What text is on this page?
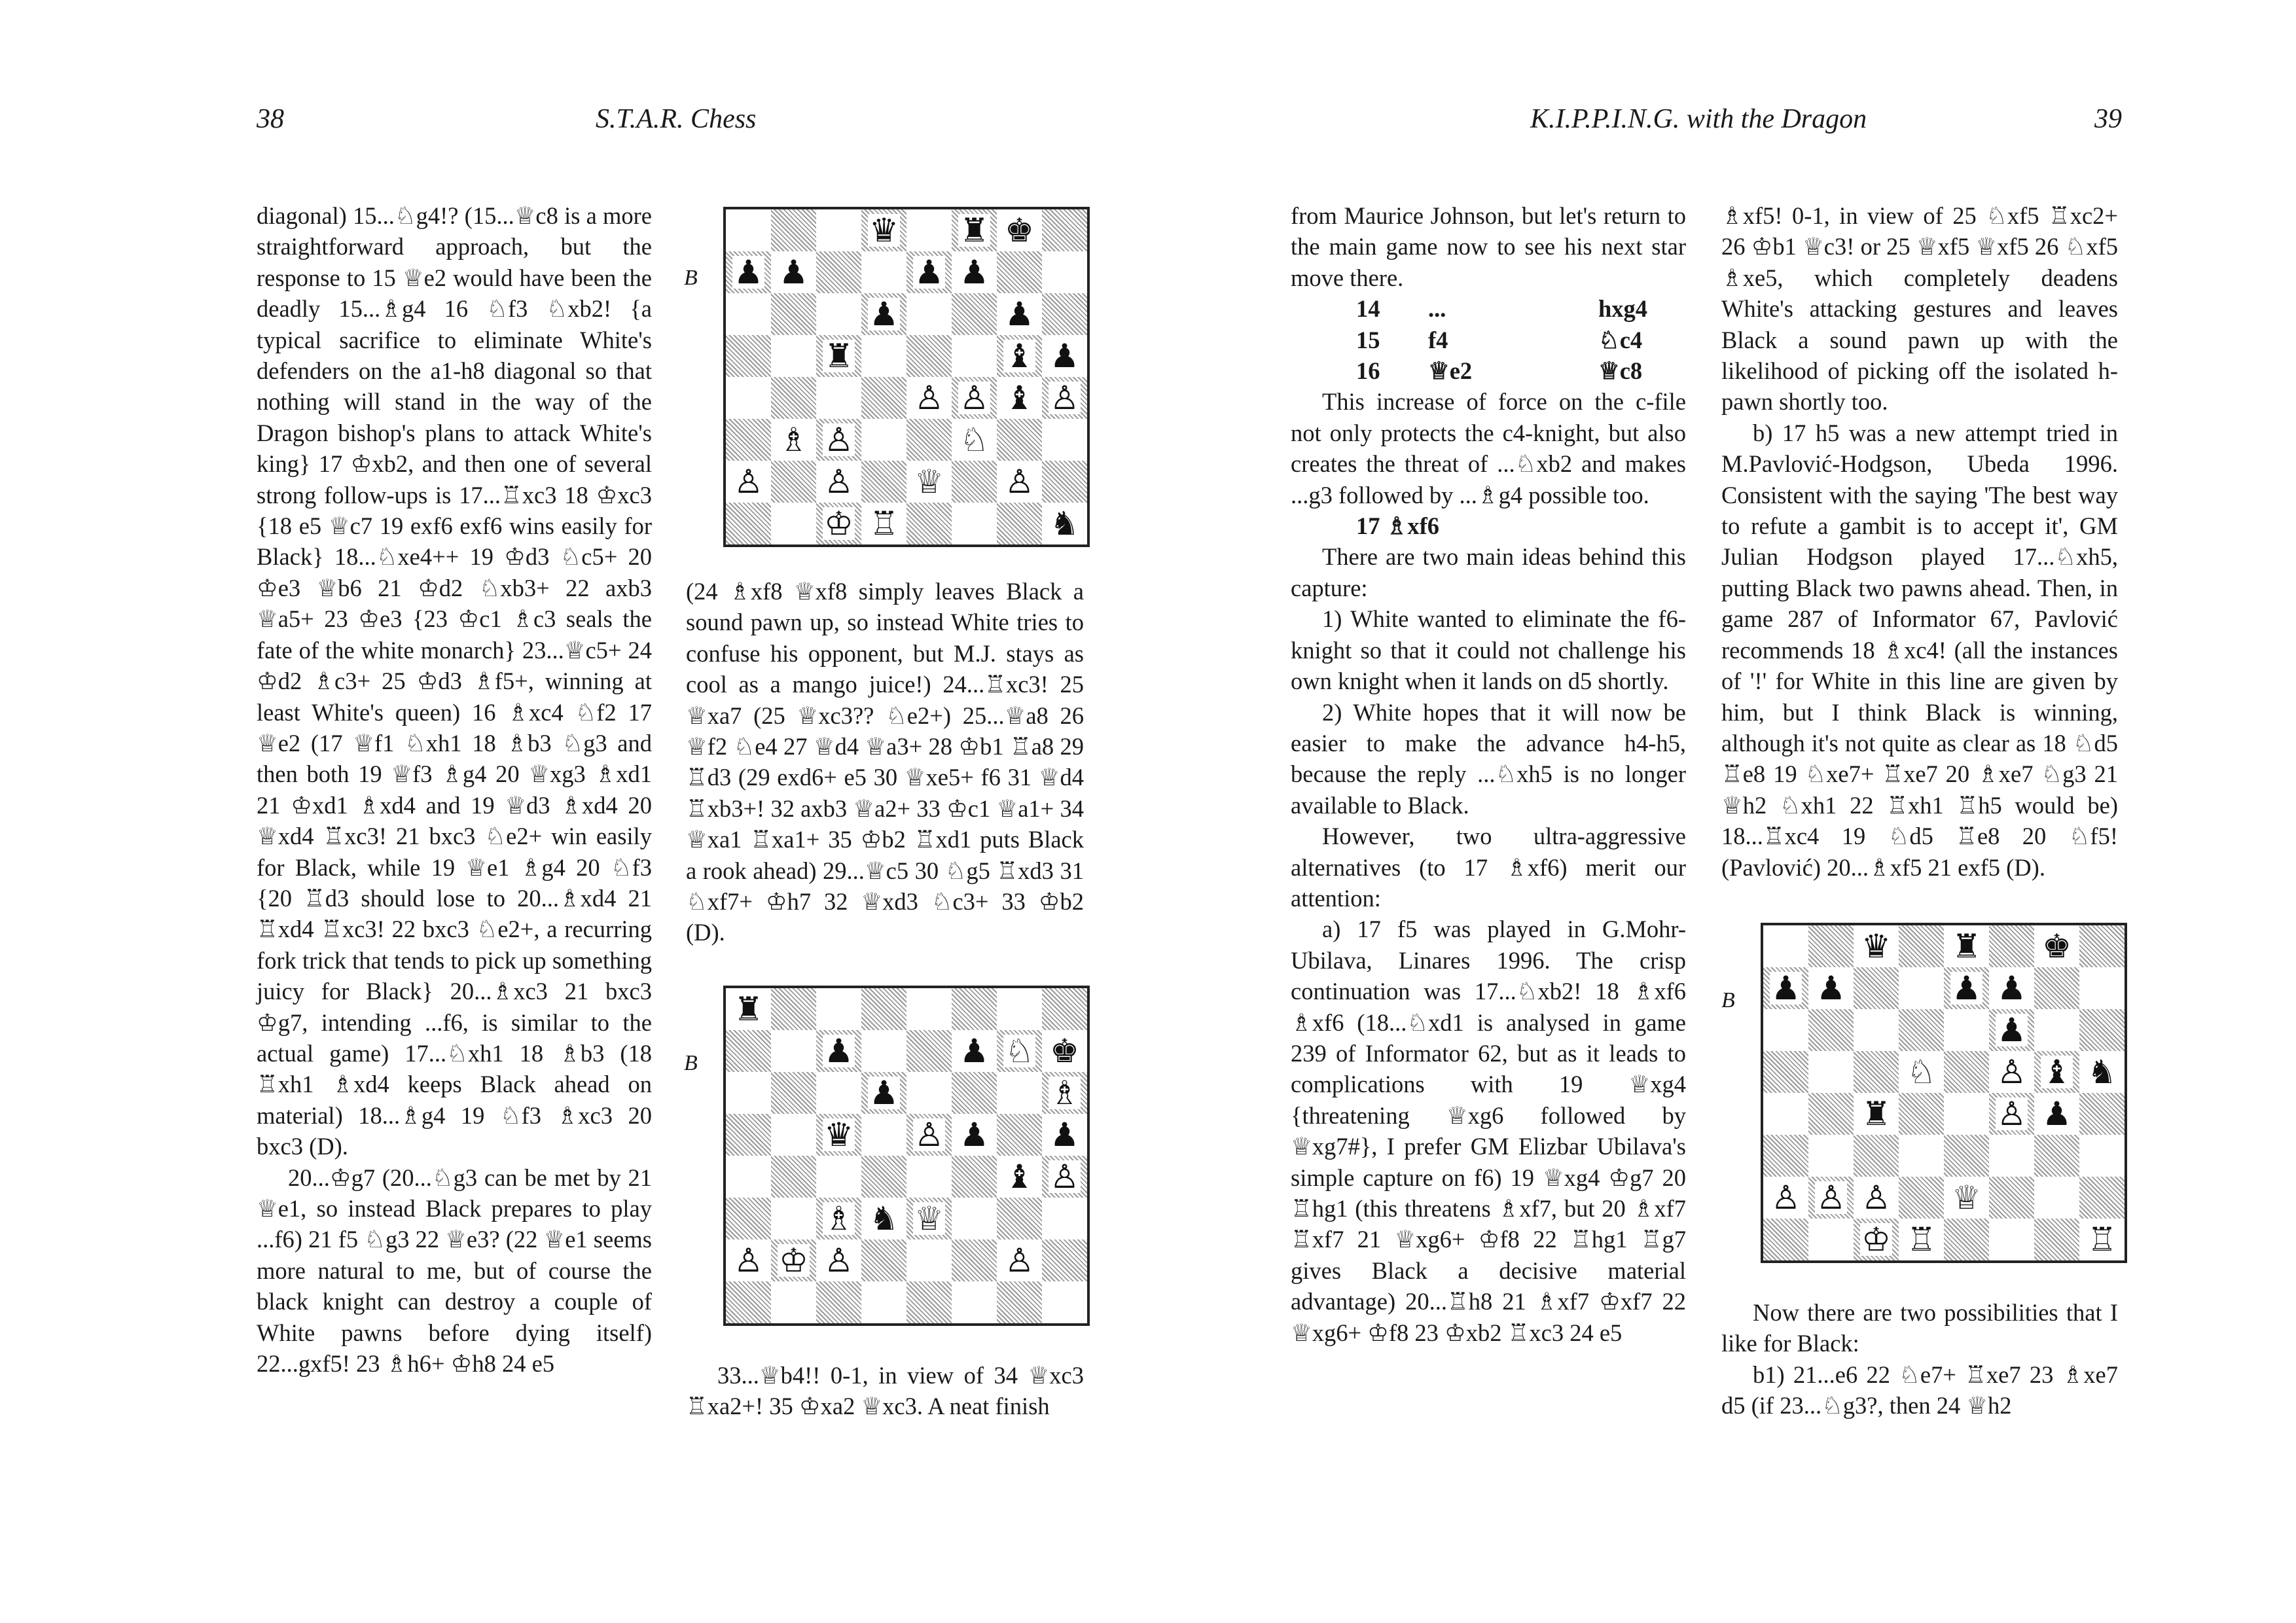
38	S.T.A.R. Chess	K.I.P.P.I.N.G. with the Dragon	39

diagonal) 15...♘g4!? (15...♕c8 is a more straightforward approach, but the response to 15 ♕e2 would have been the deadly 15...♗g4 16 ♘f3 ♘xb2! {a typical sacrifice to eliminate White's defenders on the a1-h8 diagonal so that nothing will stand in the way of the Dragon bishop's plans to attack White's king} 17 ♔xb2, and then one of several strong follow-ups is 17...♖xc3 18 ♔xc3 {18 e5 ♕c7 19 exf6 exf6 wins easily for Black} 18...♘xe4++ 19 ♔d3 ♘c5+ 20 ♔e3 ♕b6 21 ♔d2 ♘xb3+ 22 axb3 ♕a5+ 23 ♔e3 {23 ♔c1 ♗c3 seals the fate of the white monarch} 23...♕c5+ 24 ♔d2 ♗c3+ 25 ♔d3 ♗f5+, winning at least White's queen) 16 ♗xc4 ♘f2 17 ♕e2 (17 ♕f1 ♘xh1 18 ♗b3 ♘g3 and then both 19 ♕f3 ♗g4 20 ♕xg3 ♗xd1 21 ♔xd1 ♗xd4 and 19 ♕d3 ♗xd4 20 ♕xd4 ♖xc3! 21 bxc3 ♘e2+ win easily for Black, while 19 ♕e1 ♗g4 20 ♘f3 {20 ♖d3 should lose to 20...♗xd4 21 ♖xd4 ♖xc3! 22 bxc3 ♘e2+, a recurring fork trick that tends to pick up something juicy for Black} 20...♗xc3 21 bxc3 ♔g7, intending ...f6, is similar to the actual game) 17...♘xh1 18 ♗b3 (18 ♖xh1 ♗xd4 keeps Black ahead on material) 18...♗g4 19 ♘f3 ♗xc3 20 bxc3 (D).

20...♔g7 (20...♘g3 can be met by 21 ♕e1, so instead Black prepares to play ...f6) 21 f5 ♘g3 22 ♕e3? (22 ♕e1 seems more natural to me, but of course the black knight can destroy a couple of White pawns before dying itself) 22...gxf5! 23 ♗h6+ ♔h8 24 e5

(24 ♗xf8 ♕xf8 simply leaves Black a sound pawn up, so instead White tries to confuse his opponent, but M.J. stays as cool as a mango juice!) 24...♖xc3! 25 ♕xa7 (25 ♕xc3?? ♘e2+) 25...♕a8 26 ♕f2 ♘e4 27 ♕d4 ♕a3+ 28 ♔b1 ♖a8 29 ♖d3 (29 exd6+ e5 30 ♕xe5+ f6 31 ♕d4 ♖xb3+! 32 axb3 ♕a2+ 33 ♔c1 ♕a1+ 34 ♕xa1 ♖xa1+ 35 ♔b2 ♖xd1 puts Black a rook ahead) 29...♕c5 30 ♘g5 ♖xd3 31 ♘xf7+ ♔h7 32 ♕xd3 ♘c3+ 33 ♔b2 (D).

33...♕b4!! 0-1, in view of 34 ♕xc3 ♖xa2+! 35 ♔xa2 ♕xc3. A neat finish

from Maurice Johnson, but let's return to the main game now to see his next star move there.

14	...	hxg4
15	f4	♘c4
16	♕e2	♕c8

This increase of force on the c-file not only protects the c4-knight, but also creates the threat of ...♘xb2 and makes ...g3 followed by ...♗g4 possible too.

17 ♗xf6

There are two main ideas behind this capture:

1) White wanted to eliminate the f6-knight so that it could not challenge his own knight when it lands on d5 shortly.

2) White hopes that it will now be easier to make the advance h4-h5, because the reply ...♘xh5 is no longer available to Black.

However, two ultra-aggressive alternatives (to 17 ♗xf6) merit our attention:

a) 17 f5 was played in G.Mohr-Ubilava, Linares 1996. The crisp continuation was 17...♘xb2! 18 ♗xf6 ♗xf6 (18...♘xd1 is analysed in game 239 of Informator 62, but as it leads to complications with 19 ♕xg4 {threatening ♕xg6 followed by ♕xg7#}, I prefer GM Elizbar Ubilava's simple capture on f6) 19 ♕xg4 ♔g7 20 ♖hg1 (this threatens ♗xf7, but 20 ♗xf7 ♖xf7 21 ♕xg6+ ♔f8 22 ♖hg1 ♖g7 gives Black a decisive material advantage) 20...♖h8 21 ♗xf7 ♔xf7 22 ♕xg6+ ♔f8 23 ♔xb2 ♖xc3 24 e5

♗xf5! 0-1, in view of 25 ♘xf5 ♖xc2+ 26 ♔b1 ♕c3! or 25 ♕xf5 ♕xf5 26 ♘xf5 ♗xe5, which completely deadens White's attacking gestures and leaves Black a sound pawn up with the likelihood of picking off the isolated h-pawn shortly too.

b) 17 h5 was a new attempt tried in M.Pavlović-Hodgson, Ubeda 1996. Consistent with the saying 'The best way to refute a gambit is to accept it', GM Julian Hodgson played 17...♘xh5, putting Black two pawns ahead. Then, in game 287 of Informator 67, Pavlović recommends 18 ♗xc4! (all the instances of '!' for White in this line are given by him, but I think Black is winning, although it's not quite as clear as 18 ♘d5 ♖e8 19 ♘xe7+ ♖xe7 20 ♗xe7 ♘g3 21 ♕h2 ♘xh1 22 ♖xh1 ♖h5 would be) 18...♖xc4 19 ♘d5 ♖e8 20 ♘f5! (Pavlović) 20...♗xf5 21 exf5 (D).

Now there are two possibilities that I like for Black:

b1) 21...e6 22 ♘e7+ ♖xe7 23 ♗xe7 d5 (if 23...♘g3?, then 24 ♕h2

B
♛ ♜ ♚
♟ ♟	♟ ♟
♟	♟
♜	♝ ♟
♙ ♙ ♝ ♙
♗ ♙	♘
♙ ♙ ♕ ♙
♔ ♖	♞
B
♜
♟	♟ ♘ ♚
♟	♗
♛ ♙ ♟ ♟
♝ ♙
♗ ♞ ♕
♙ ♔ ♙	♙
B
♛ ♜ ♚
♟ ♟	♟ ♟
♟
♘ ♙ ♝ ♞
♜	♙ ♟
♙ ♙ ♙ ♕
♔ ♖	♖
